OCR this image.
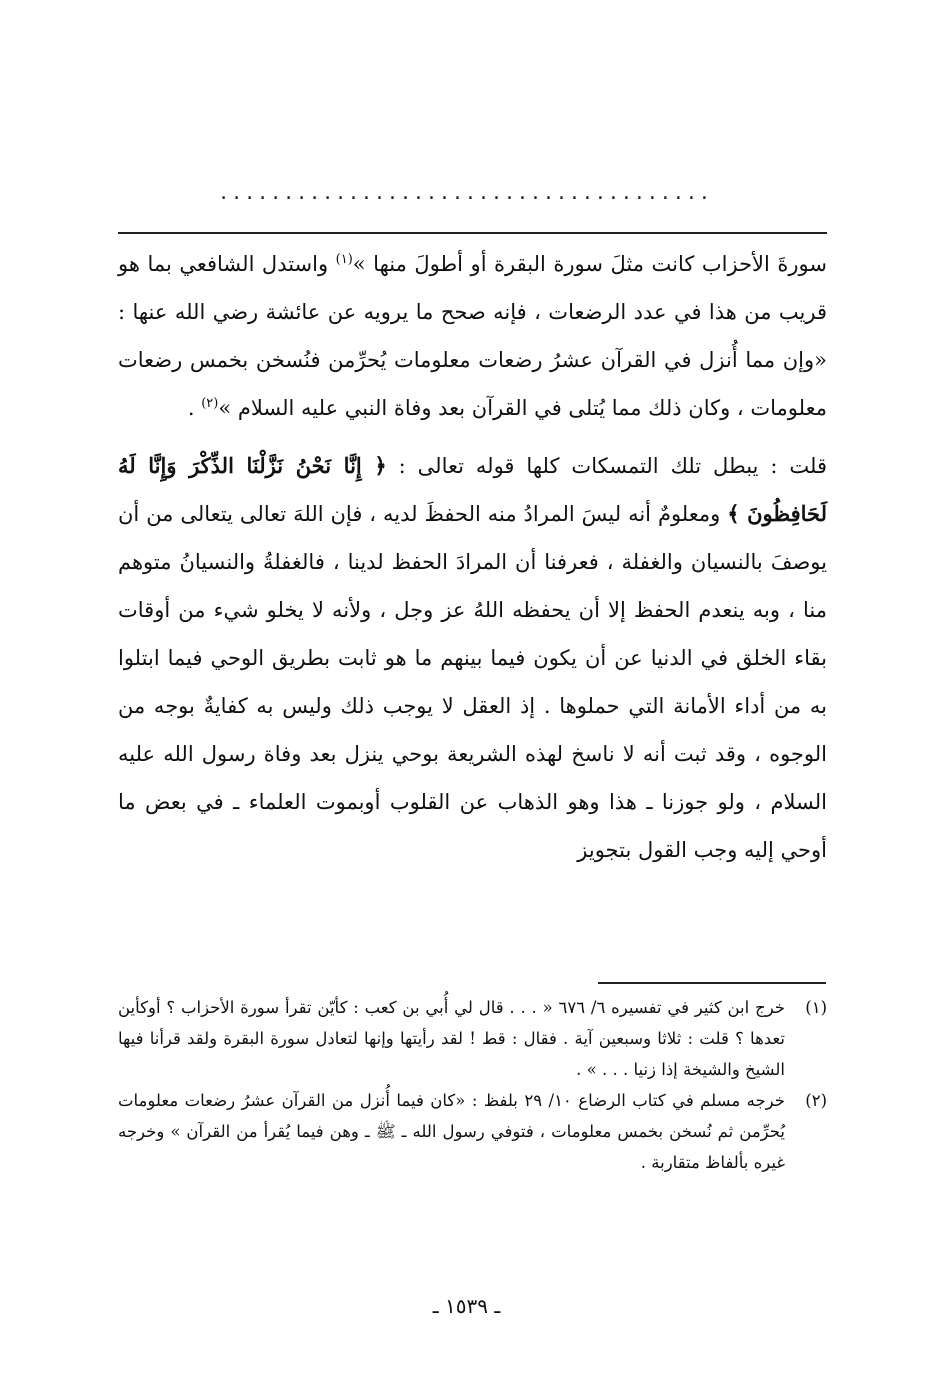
......................................

سورةَ الأحزاب كانت مثلَ سورة البقرة أو أطولَ منها »$^{(١)}$ واستدل الشافعي بما هو قريب من هذا في عدد الرضعات ، فإنه صحح ما يرويه عن عائشة رضي الله عنها : «وإن مما أُنزل في القرآن عشرُ رضعات معلومات يُحرِّمن فنُسخن بخمس رضعات معلومات ، وكان ذلك مما يُتلى في القرآن بعد وفاة النبي عليه السلام »$^{(٢)}$ .

قلت : يبطل تلك التمسكات كلها قوله تعالى : ﴿ إِنَّا نَحْنُ نَزَّلْنَا الذِّكْرَ وَإِنَّا لَهُ لَحَافِظُونَ ﴾ ومعلومٌ أنه ليسَ المرادُ منه الحفظَ لديه ، فإن اللهَ تعالى يتعالى من أن يوصفَ بالنسيان والغفلة ، فعرفنا أن المرادَ الحفظ لدينا ، فالغفلةُ والنسيانُ متوهم منا ، وبه ينعدم الحفظ إلا أن يحفظه اللهُ عز وجل ، ولأنه لا يخلو شيء من أوقات بقاء الخلق في الدنيا عن أن يكون فيما بينهم ما هو ثابت بطريق الوحي فيما ابتلوا به من أداء الأمانة التي حملوها . إذ العقل لا يوجب ذلك وليس به كفايةٌ بوجه من الوجوه ، وقد ثبت أنه لا ناسخ لهذه الشريعة بوحي ينزل بعد وفاة رسول الله عليه السلام ، ولو جوزنا ـ هذا وهو الذهاب عن القلوب أوبموت العلماء ـ في بعض ما أوحي إليه وجب القول بتجويز

(١)
خرج ابن كثير في تفسيره ٦/ ٦٧٦ « . . . قال لي أُبي بن كعب : كأيّن تقرأ سورة الأحزاب ؟ أوكأين تعدها ؟ قلت : ثلاثا وسبعين آية . فقال : قط ! لقد رأيتها وإنها لتعادل سورة البقرة ولقد قرأنا فيها الشيخ والشيخة إذا زنيا . . . » .
(٢)
خرجه مسلم في كتاب الرضاع ١٠/ ٢٩ بلفظ : «كان فيما أُنزل من القرآن عشرُ رضعات معلومات يُحرِّمن ثم نُسخن بخمس معلومات ، فتوفي رسول الله ـ ﷺ ـ وهن فيما يُقرأ من القرآن » وخرجه غيره بألفاظ متقاربة .
ـ ١٥٣٩ ـ
